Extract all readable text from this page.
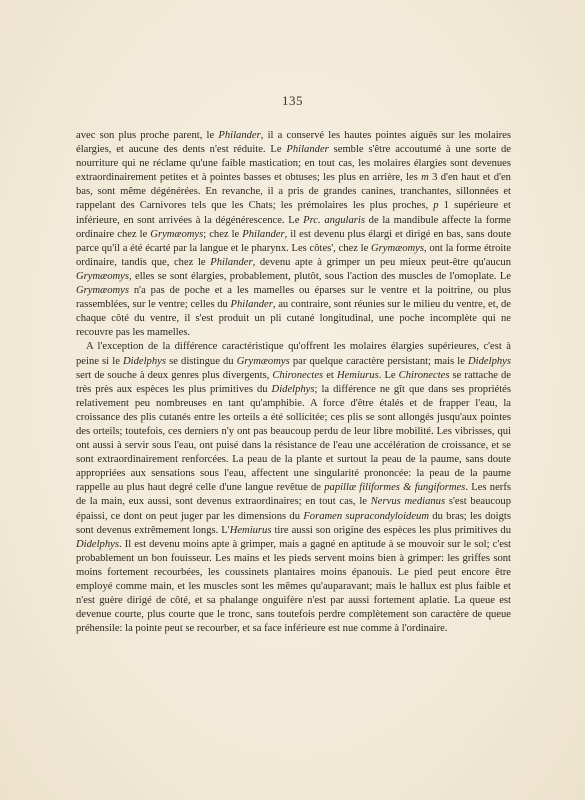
135

avec son plus proche parent, le Philander, il a conservé les hautes pointes aiguës sur les molaires élargies, et aucune des dents n'est réduite. Le Philander semble s'être accoutumé à une sorte de nourriture qui ne réclame qu'une faible mastication; en tout cas, les molaires élargies sont devenues extraordinairement petites et à pointes basses et obtuses; les plus en arrière, les m 3 d'en haut et d'en bas, sont même dégénérées. En revanche, il a pris de grandes canines, tranchantes, sillonnées et rappelant des Carnivores tels que les Chats; les prémolaires les plus proches, p 1 supérieure et inférieure, en sont arrivées à la dégénérescence. Le Prc. angularis de la mandibule affecte la forme ordinaire chez le Grymæomys; chez le Philander, il est devenu plus élargi et dirigé en bas, sans doute parce qu'il a été écarté par la langue et le pharynx. Les côtes', chez le Grymæomys, ont la forme étroite ordinaire, tandis que, chez le Philander, devenu apte à grimper un peu mieux peut-être qu'aucun Grymæomys, elles se sont élargies, probablement, plutôt, sous l'action des muscles de l'omoplate. Le Grymæomys n'a pas de poche et a les mamelles ou éparses sur le ventre et la poitrine, ou plus rassemblées, sur le ventre; celles du Philander, au contraire, sont réunies sur le milieu du ventre, et, de chaque côté du ventre, il s'est produit un pli cutané longitudinal, une poche incomplète qui ne recouvre pas les mamelles.

A l'exception de la différence caractéristique qu'offrent les molaires élargies supérieures, c'est à peine si le Didelphys se distingue du Grymæomys par quelque caractère persistant; mais le Didelphys sert de souche à deux genres plus divergents, Chironectes et Hemiurus. Le Chironectes se rattache de très près aux espèces les plus primitives du Didelphys; la différence ne gît que dans ses propriétés relativement peu nombreuses en tant qu'amphibie. A force d'être étalés et de frapper l'eau, la croissance des plis cutanés entre les orteils a été sollicitée; ces plis se sont allongés jusqu'aux pointes des orteils; toutefois, ces derniers n'y ont pas beaucoup perdu de leur libre mobilité. Les vibrisses, qui ont aussi à servir sous l'eau, ont puisé dans la résistance de l'eau une accélération de croissance, et se sont extraordinairement renforcées. La peau de la plante et surtout la peau de la paume, sans doute appropriées aux sensations sous l'eau, affectent une singularité prononcée: la peau de la paume rappelle au plus haut degré celle d'une langue revêtue de papillæ filiformes & fungiformes. Les nerfs de la main, eux aussi, sont devenus extraordinaires; en tout cas, le Nervus medianus s'est beaucoup épaissi, ce dont on peut juger par les dimensions du Foramen supracondyloideum du bras; les doigts sont devenus extrêmement longs. L'Hemiurus tire aussi son origine des espèces les plus primitives du Didelphys. Il est devenu moins apte à grimper, mais a gagné en aptitude à se mouvoir sur le sol; c'est probablement un bon fouisseur. Les mains et les pieds servent moins bien à grimper: les griffes sont moins fortement recourbées, les coussinets plantaires moins épanouis. Le pied peut encore être employé comme main, et les muscles sont les mêmes qu'auparavant; mais le hallux est plus faible et n'est guère dirigé de côté, et sa phalange onguifère n'est par aussi fortement aplatie. La queue est devenue courte, plus courte que le tronc, sans toutefois perdre complètement son caractère de queue préhensile: la pointe peut se recourber, et sa face inférieure est nue comme à l'ordinaire.
